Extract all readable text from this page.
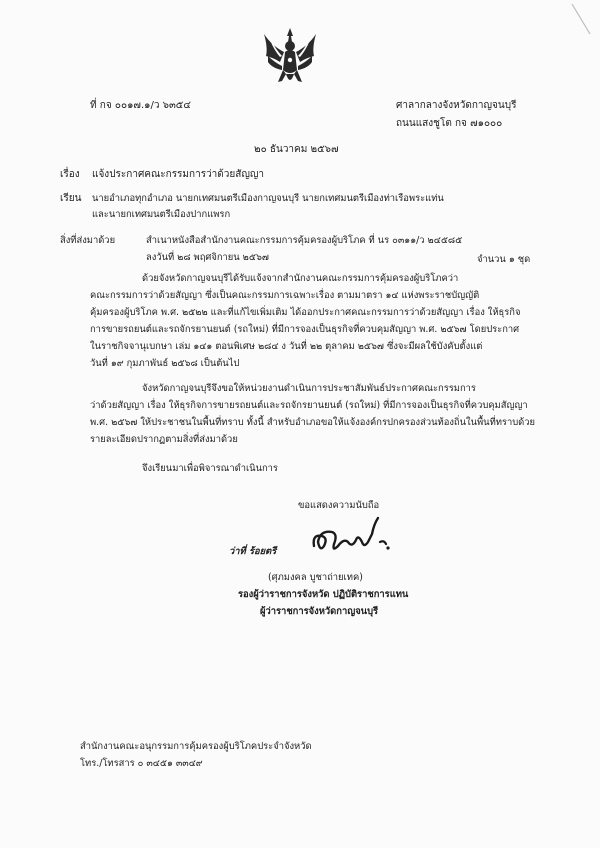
ที่ กจ ๐๐๑๗.๑/ว ๖๓๕๔	ศาลากลางจังหวัดกาญจนบุรี
ถนนแสงชูโต กจ ๗๑๐๐๐
๒๐ ธันวาคม ๒๕๖๗
เรื่อง แจ้งประกาศคณะกรรมการว่าด้วยสัญญา
เรียน นายอำเภอทุกอำเภอ นายกเทศมนตรีเมืองกาญจนบุรี นายกเทศมนตรีเมืองท่าเรือพระแท่น
และนายกเทศมนตรีเมืองปากแพรก
สิ่งที่ส่งมาด้วย	สำเนาหนังสือสำนักงานคณะกรรมการคุ้มครองผู้บริโภค ที่ นร ๐๓๑๑/ว ๒๔๕๘๕
ลงวันที่ ๒๘ พฤศจิกายน ๒๕๖๗	จำนวน ๑ ชุด
ด้วยจังหวัดกาญจนบุรีได้รับแจ้งจากสำนักงานคณะกรรมการคุ้มครองผู้บริโภคว่า
คณะกรรมการว่าด้วยสัญญา ซึ่งเป็นคณะกรรมการเฉพาะเรื่อง ตามมาตรา ๑๔ แห่งพระราชบัญญัติ
คุ้มครองผู้บริโภค พ.ศ. ๒๕๒๒ และที่แก้ไขเพิ่มเติม ได้ออกประกาศคณะกรรมการว่าด้วยสัญญา เรื่อง ให้ธุรกิจ
การขายรถยนต์และรถจักรยานยนต์ (รถใหม่) ที่มีการจองเป็นธุรกิจที่ควบคุมสัญญา พ.ศ. ๒๕๖๗ โดยประกาศ
ในราชกิจจานุเบกษา เล่ม ๑๔๑ ตอนพิเศษ ๒๘๔ ง วันที่ ๒๒ ตุลาคม ๒๕๖๗ ซึ่งจะมีผลใช้บังคับตั้งแต่
วันที่ ๑๙ กุมภาพันธ์ ๒๕๖๘ เป็นต้นไป
จังหวัดกาญจนบุรีจึงขอให้หน่วยงานดำเนินการประชาสัมพันธ์ประกาศคณะกรรมการ
ว่าด้วยสัญญา เรื่อง ให้ธุรกิจการขายรถยนต์และรถจักรยานยนต์ (รถใหม่) ที่มีการจองเป็นธุรกิจที่ควบคุมสัญญา
พ.ศ. ๒๕๖๗ ให้ประชาชนในพื้นที่ทราบ ทั้งนี้ สำหรับอำเภอขอให้แจ้งองค์กรปกครองส่วนท้องถิ่นในพื้นที่ทราบด้วย
รายละเอียดปรากฏตามสิ่งที่ส่งมาด้วย
จึงเรียนมาเพื่อพิจารณาดำเนินการ
ขอแสดงความนับถือ
ว่าที่ ร้อยตรี
(ศุภมงคล บูชาถ่ายเทค)
รองผู้ว่าราชการจังหวัด ปฏิบัติราชการแทน
ผู้ว่าราชการจังหวัดกาญจนบุรี
สำนักงานคณะอนุกรรมการคุ้มครองผู้บริโภคประจำจังหวัด
โทร./โทรสาร ๐ ๓๔๕๑ ๓๓๔๙
